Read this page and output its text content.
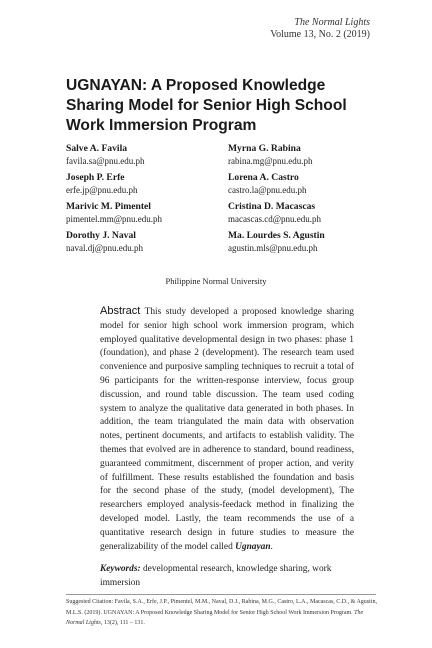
The Normal Lights
Volume 13, No. 2 (2019)
UGNAYAN: A Proposed Knowledge Sharing Model for Senior High School Work Immersion Program
Salve A. Favila
favila.sa@pnu.edu.ph
Myrna G. Rabina
rabina.mg@pnu.edu.ph
Joseph P. Erfe
erfe.jp@pnu.edu.ph
Lorena A. Castro
castro.la@pnu.edu.ph
Marivic M. Pimentel
pimentel.mm@pnu.edu.ph
Cristina D. Macascas
macascas.cd@pnu.edu.ph
Dorothy J. Naval
naval.dj@pnu.edu.ph
Ma. Lourdes S. Agustin
agustin.mls@pnu.edu.ph
Philippine Normal University

Abstract This study developed a proposed knowledge sharing model for senior high school work immersion program, which employed qualitative developmental design in two phases: phase 1 (foundation), and phase 2 (development). The research team used convenience and purposive sampling techniques to recruit a total of 96 participants for the written-response interview, focus group discussion, and round table discussion. The team used coding system to analyze the qualitative data generated in both phases. In addition, the team triangulated the main data with observation notes, pertinent documents, and artifacts to establish validity. The themes that evolved are in adherence to standard, bound readiness, guaranteed commitment, discernment of proper action, and verity of fulfillment. These results established the foundation and basis for the second phase of the study, (model development), The researchers employed analysis-feedack method in finalizing the developed model. Lastly, the team recommends the use of a quantitative research design in future studies to measure the generalizability of the model called Ugnayan.

Keywords: developmental research, knowledge sharing, work immersion

Suggested Citation: Favila, S.A., Erfe, J.P., Pimentel, M.M., Naval, D.J., Rabina, M.G., Castro, L.A., Macascas, C.D., & Agustin, M.L.S. (2019). UGNAYAN: A Proposed Knowledge Sharing Model for Senior High School Work Immersion Program. The Normal Lights, 13(2), 111 – 131.
